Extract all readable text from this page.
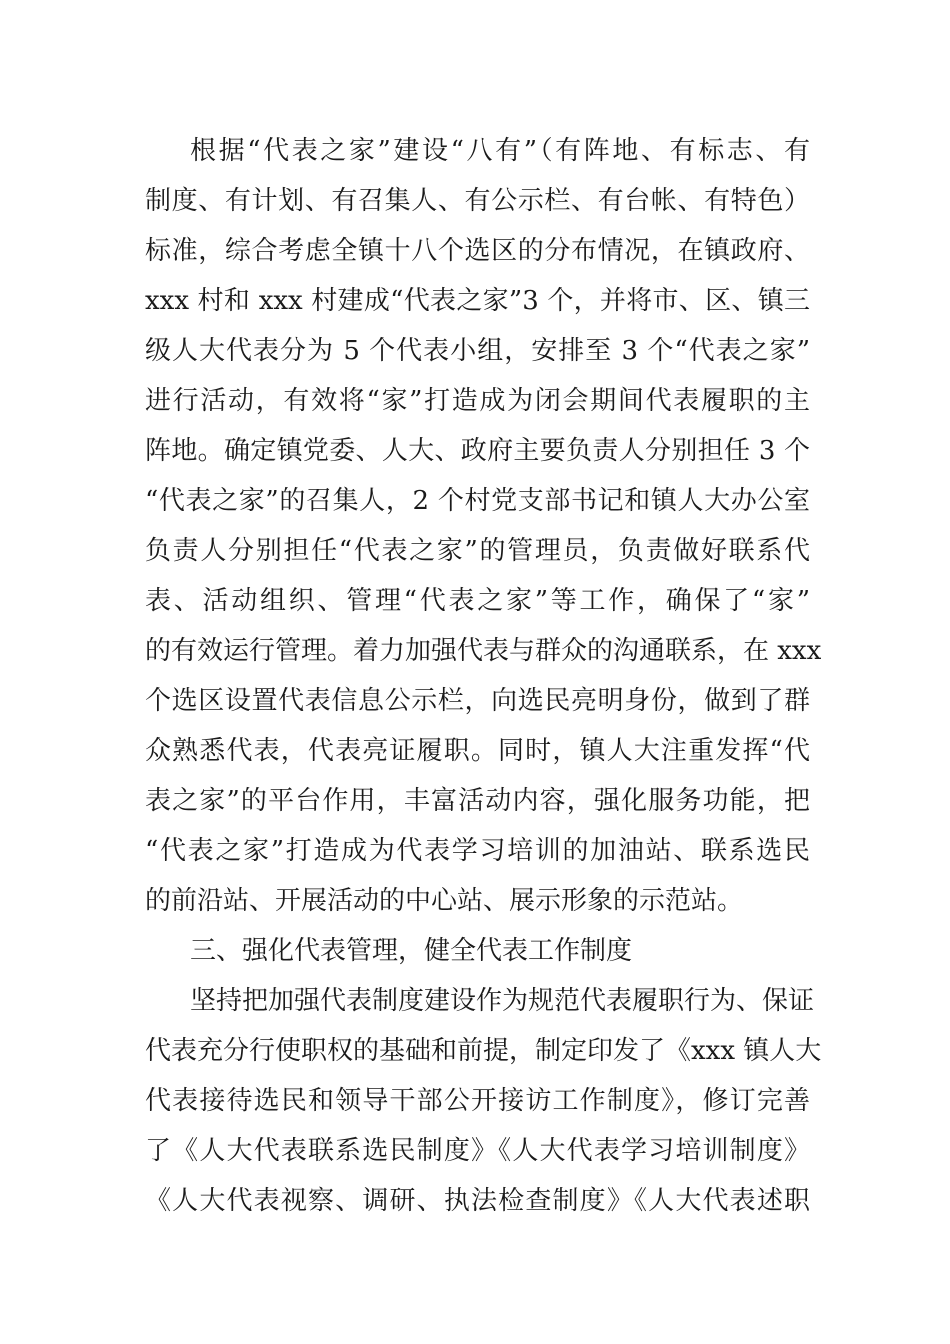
根据“代表之家”建设“八有”（有阵地、有标志、有
制度、有计划、有召集人、有公示栏、有台帐、有特色）
标准，综合考虑全镇十八个选区的分布情况，在镇政府、
xxx 村和 xxx 村建成“代表之家”3 个，并将市、区、镇三
级人大代表分为 5 个代表小组，安排至 3 个“代表之家”
进行活动，有效将“家”打造成为闭会期间代表履职的主
阵地。确定镇党委、人大、政府主要负责人分别担任 3 个
“代表之家”的召集人，2 个村党支部书记和镇人大办公室
负责人分别担任“代表之家”的管理员，负责做好联系代
表、活动组织、管理“代表之家”等工作，确保了“家”
的有效运行管理。着力加强代表与群众的沟通联系，在 xxx
个选区设置代表信息公示栏，向选民亮明身份，做到了群
众熟悉代表，代表亮证履职。同时，镇人大注重发挥“代
表之家”的平台作用，丰富活动内容，强化服务功能，把
“代表之家”打造成为代表学习培训的加油站、联系选民
的前沿站、开展活动的中心站、展示形象的示范站。
三、强化代表管理，健全代表工作制度
坚持把加强代表制度建设作为规范代表履职行为、保证
代表充分行使职权的基础和前提，制定印发了《xxx 镇人大
代表接待选民和领导干部公开接访工作制度》，修订完善
了《人大代表联系选民制度》《人大代表学习培训制度》
《人大代表视察、调研、执法检查制度》《人大代表述职
